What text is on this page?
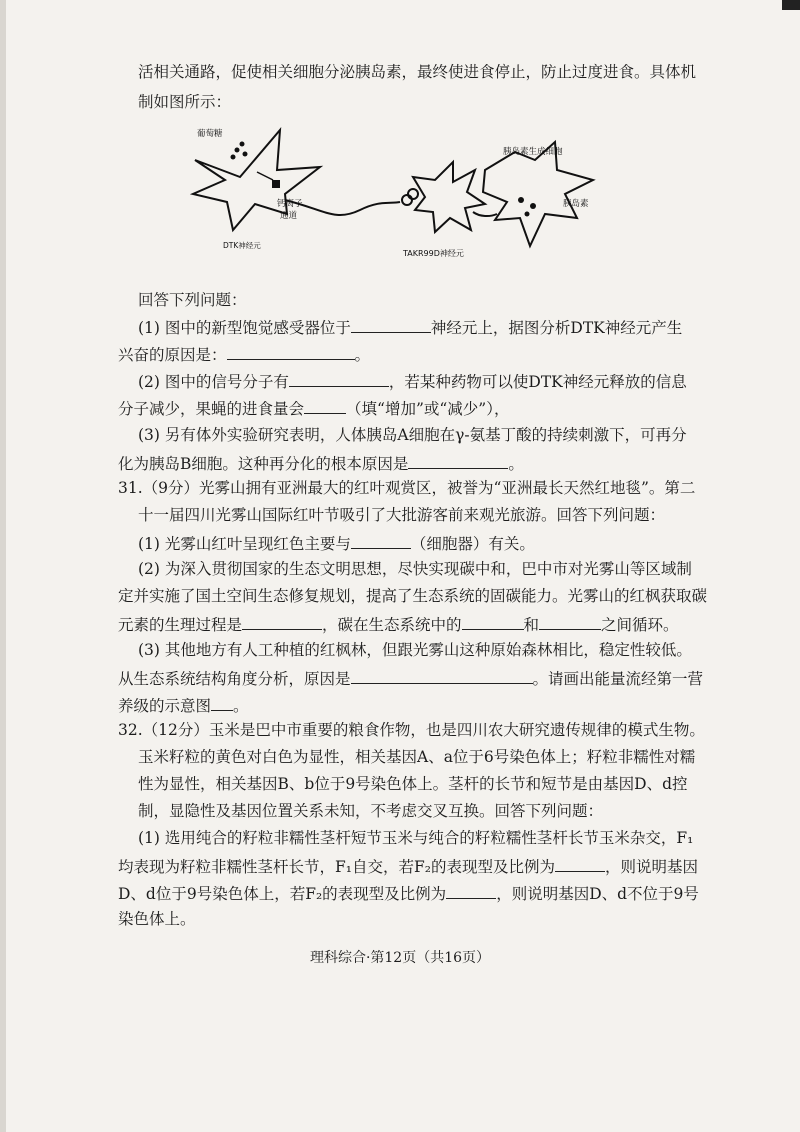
活相关通路，促使相关细胞分泌胰岛素，最终使进食停止，防止过度进食。具体机
制如图所示：
葡萄糖
钙离子
通道
DTK神经元
TAKR99D神经元
胰岛素生成细胞
胰岛素
回答下列问题：
(1) 图中的新型饱觉感受器位于	神经元上，据图分析DTK神经元产生
兴奋的原因是：	。
(2) 图中的信号分子有	，若某种药物可以使DTK神经元释放的信息
分子减少，果蝇的进食量会	（填“增加”或“减少”），
(3) 另有体外实验研究表明，人体胰岛A细胞在γ-氨基丁酸的持续刺激下，可再分
化为胰岛B细胞。这种再分化的根本原因是	。
31.（9分）光雾山拥有亚洲最大的红叶观赏区，被誉为“亚洲最长天然红地毯”。第二
十一届四川光雾山国际红叶节吸引了大批游客前来观光旅游。回答下列问题：
(1) 光雾山红叶呈现红色主要与	（细胞器）有关。
(2) 为深入贯彻国家的生态文明思想，尽快实现碳中和，巴中市对光雾山等区域制
定并实施了国土空间生态修复规划，提高了生态系统的固碳能力。光雾山的红枫获取碳
元素的生理过程是	，碳在生态系统中的	和	之间循环。
(3) 其他地方有人工种植的红枫林，但跟光雾山这种原始森林相比，稳定性较低。
从生态系统结构角度分析，原因是	。请画出能量流经第一营
养级的示意图 。
32.（12分）玉米是巴中市重要的粮食作物，也是四川农大研究遗传规律的模式生物。
玉米籽粒的黄色对白色为显性，相关基因A、a位于6号染色体上；籽粒非糯性对糯
性为显性，相关基因B、b位于9号染色体上。茎杆的长节和短节是由基因D、d控
制，显隐性及基因位置关系未知，不考虑交叉互换。回答下列问题：
(1) 选用纯合的籽粒非糯性茎杆短节玉米与纯合的籽粒糯性茎杆长节玉米杂交，F₁
均表现为籽粒非糯性茎杆长节，F₁自交，若F₂的表现型及比例为	，则说明基因
D、d位于9号染色体上，若F₂的表现型及比例为	，则说明基因D、d不位于9号
染色体上。
理科综合·第12页（共16页）
